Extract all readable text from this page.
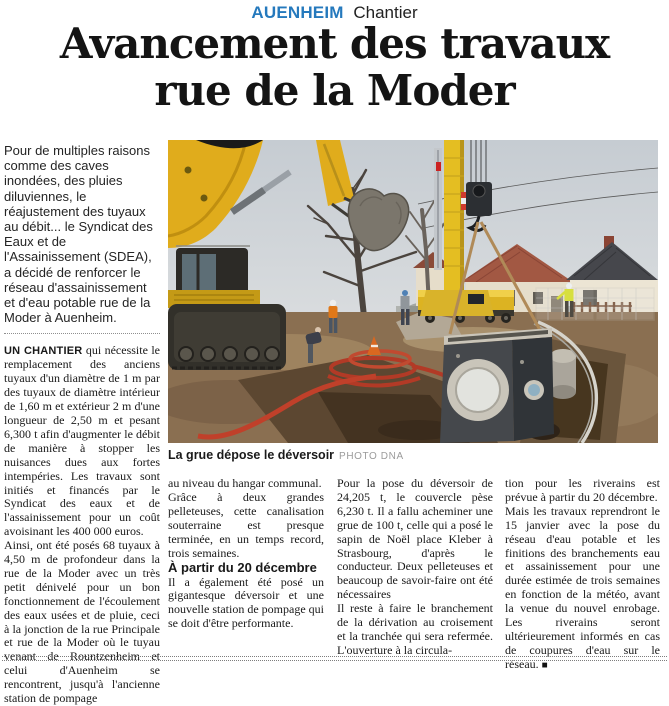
AUENHEIM Chantier
Avancement des travaux
rue de la Moder
Pour de multiples raisons comme des caves inondées, des pluies diluviennes, le réajustement des tuyaux au débit... le Syndicat des Eaux et de l'Assainissement (SDEA), a décidé de renforcer le réseau d'assainissement et d'eau potable rue de la Moder à Auenheim.

UN CHANTIER qui nécessite le remplacement des anciens tuyaux d'un diamètre de 1 m par des tuyaux de diamètre intérieur de 1,60 m et extérieur 2 m d'une longueur de 2,50 m et pesant 6,300 t afin d'augmenter le débit de manière à stopper les nuisances dues aux fortes intempéries. Les travaux sont initiés et financés par le Syndicat des eaux et de l'assainissement pour un coût avoisinant les 400 000 euros.

Ainsi, ont été posés 68 tuyaux à 4,50 m de profondeur dans la rue de la Moder avec un très petit dénivelé pour un bon fonctionnement de l'écoulement des eaux usées et de pluie, ceci à la jonction de la rue Principale et rue de la Moder où le tuyau venant de Rountzenheim et celui d'Auenheim se rencontrent, jusqu'à l'ancienne station de pompage

La grue dépose le déversoir PHOTO DNA

au niveau du hangar communal.

Grâce à deux grandes pelleteuses, cette canalisation souterraine est presque terminée, en un temps record, trois semaines.

À partir du 20 décembre

Il a également été posé un gigantesque déversoir et une nouvelle station de pompage qui se doit d'être performante.

Pour la pose du déversoir de 24,205 t, le couvercle pèse 6,230 t. Il a fallu acheminer une grue de 100 t, celle qui a posé le sapin de Noël place Kleber à Strasbourg, d'après le conducteur. Deux pelleteuses et beaucoup de savoir-faire ont été nécessaires

Il reste à faire le branchement de la dérivation au croisement et la tranchée qui sera refermée. L'ouverture à la circula-

tion pour les riverains est prévue à partir du 20 décembre.

Mais les travaux reprendront le 15 janvier avec la pose du réseau d'eau potable et les finitions des branchements eau et assainissement pour une durée estimée de trois semaines en fonction de la météo, avant la venue du nouvel enrobage. Les riverains seront ultérieurement informés en cas de coupures d'eau sur le réseau. ■
